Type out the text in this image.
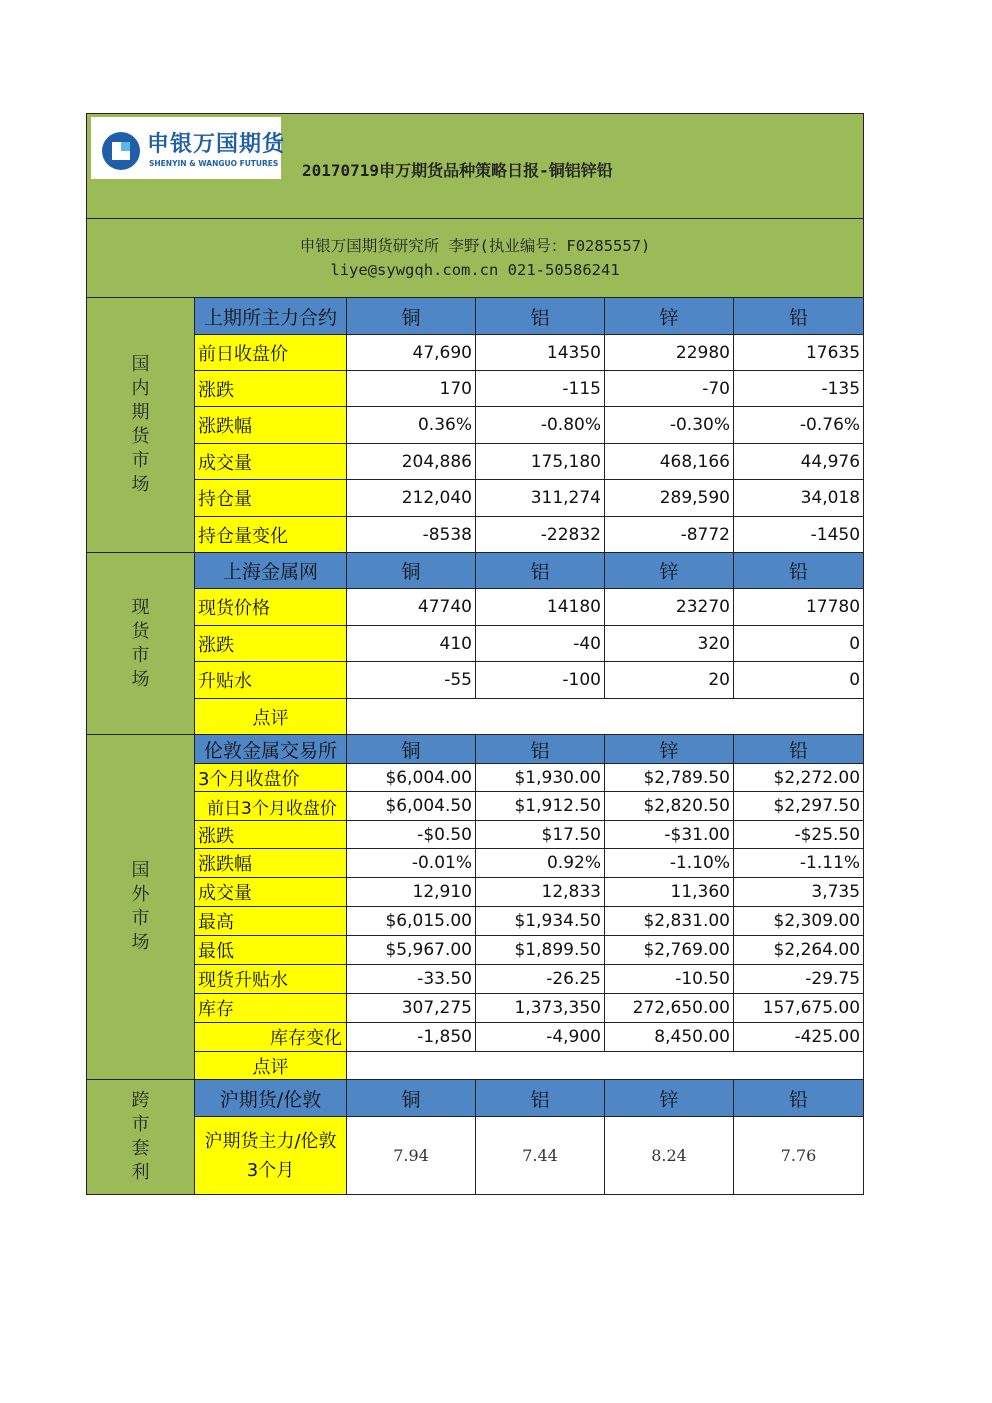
申银万国期货
SHENYIN & WANGUO FUTURES 20170719申万期货品种策略日报-铜铝锌铅					

申银万国期货研究所 李野(执业编号：F0285557)
liye@sywgqh.com.cn 021-50586241					

国内期货市场	上期所主力合约	铜	铝	锌	铅
	前日收盘价	47,690	14350	22980	17635
	涨跌	170	-115	-70	-135
	涨跌幅	0.36%	-0.80%	-0.30%	-0.76%
	成交量	204,886	175,180	468,166	44,976
	持仓量	212,040	311,274	289,590	34,018
	持仓量变化	-8538	-22832	-8772	-1450
现货市场	上海金属网	铜	铝	锌	铅
	现货价格	47740	14180	23270	17780
	涨跌	410	-40	320	0
	升贴水	-55	-100	20	0
	点评				
国外市场	伦敦金属交易所	铜	铝	锌	铅
	3个月收盘价	$6,004.00	$1,930.00	$2,789.50	$2,272.00
	前日3个月收盘价	$6,004.50	$1,912.50	$2,820.50	$2,297.50
	涨跌	-$0.50	$17.50	-$31.00	-$25.50
	涨跌幅	-0.01%	0.92%	-1.10%	-1.11%
	成交量	12,910	12,833	11,360	3,735
	最高	$6,015.00	$1,934.50	$2,831.00	$2,309.00
	最低	$5,967.00	$1,899.50	$2,769.00	$2,264.00
	现货升贴水	-33.50	-26.25	-10.50	-29.75
	库存	307,275	1,373,350	272,650.00	157,675.00
	库存变化	-1,850	-4,900	8,450.00	-425.00
	点评				
跨市套利	沪期货/伦敦	铜	铝	锌	铅
	沪期货主力/伦敦3个月	7.94	7.44	8.24	7.76
